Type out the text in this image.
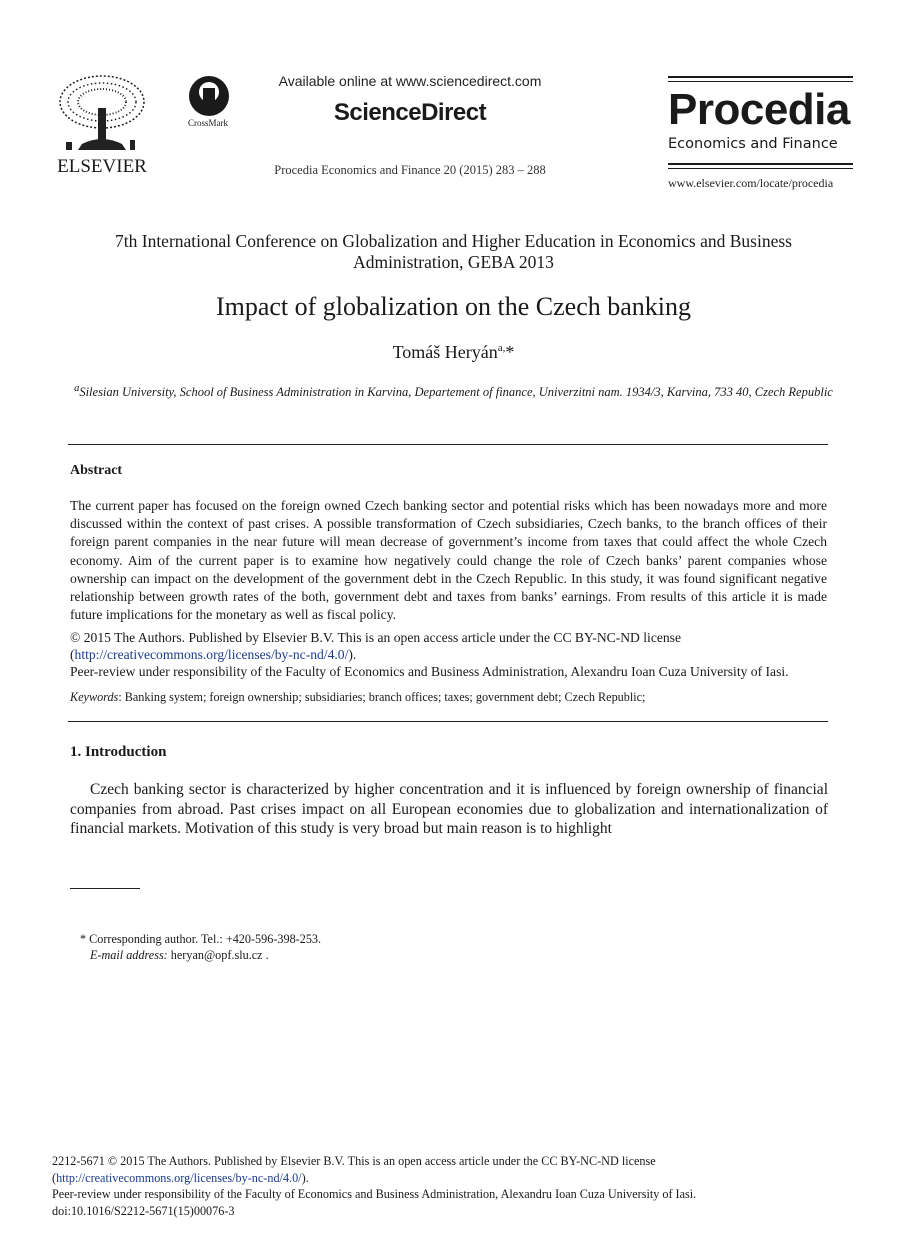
ELSEVIER
CrossMark
Available online at www.sciencedirect.com
ScienceDirect
Procedia Economics and Finance 20 (2015) 283 – 288
Procedia
Economics and Finance
www.elsevier.com/locate/procedia
7th International Conference on Globalization and Higher Education in Economics and Business Administration, GEBA 2013
Impact of globalization on the Czech banking
Tomáš Heryán$^{a,}$*
$^a$Silesian University, School of Business Administration in Karvina, Departement of finance, Univerzitni nam. 1934/3, Karvina, 733 40, Czech Republic
Abstract
The current paper has focused on the foreign owned Czech banking sector and potential risks which has been nowadays more and more discussed within the context of past crises. A possible transformation of Czech subsidiaries, Czech banks, to the branch offices of their foreign parent companies in the near future will mean decrease of government’s income from taxes that could affect the whole Czech economy. Aim of the current paper is to examine how negatively could change the role of Czech banks’ parent companies whose ownership can impact on the development of the government debt in the Czech Republic. In this study, it was found significant negative relationship between growth rates of the both, government debt and taxes from banks’ earnings. From results of this article it is made future implications for the monetary as well as fiscal policy.
© 2015 The Authors. Published by Elsevier B.V. This is an open access article under the CC BY-NC-ND license
(http://creativecommons.org/licenses/by-nc-nd/4.0/).
Peer-review under responsibility of the Faculty of Economics and Business Administration, Alexandru Ioan Cuza University of Iasi.
Keywords: Banking system; foreign ownership; subsidiaries; branch offices; taxes; government debt; Czech Republic;
1. Introduction
Czech banking sector is characterized by higher concentration and it is influenced by foreign ownership of financial companies from abroad. Past crises impact on all European economies due to globalization and internationalization of financial markets. Motivation of this study is very broad but main reason is to highlight
* Corresponding author. Tel.: +420-596-398-253.
E-mail address: heryan@opf.slu.cz .
2212-5671 © 2015 The Authors. Published by Elsevier B.V. This is an open access article under the CC BY-NC-ND license
(http://creativecommons.org/licenses/by-nc-nd/4.0/).
Peer-review under responsibility of the Faculty of Economics and Business Administration, Alexandru Ioan Cuza University of Iasi.
doi:10.1016/S2212-5671(15)00076-3
